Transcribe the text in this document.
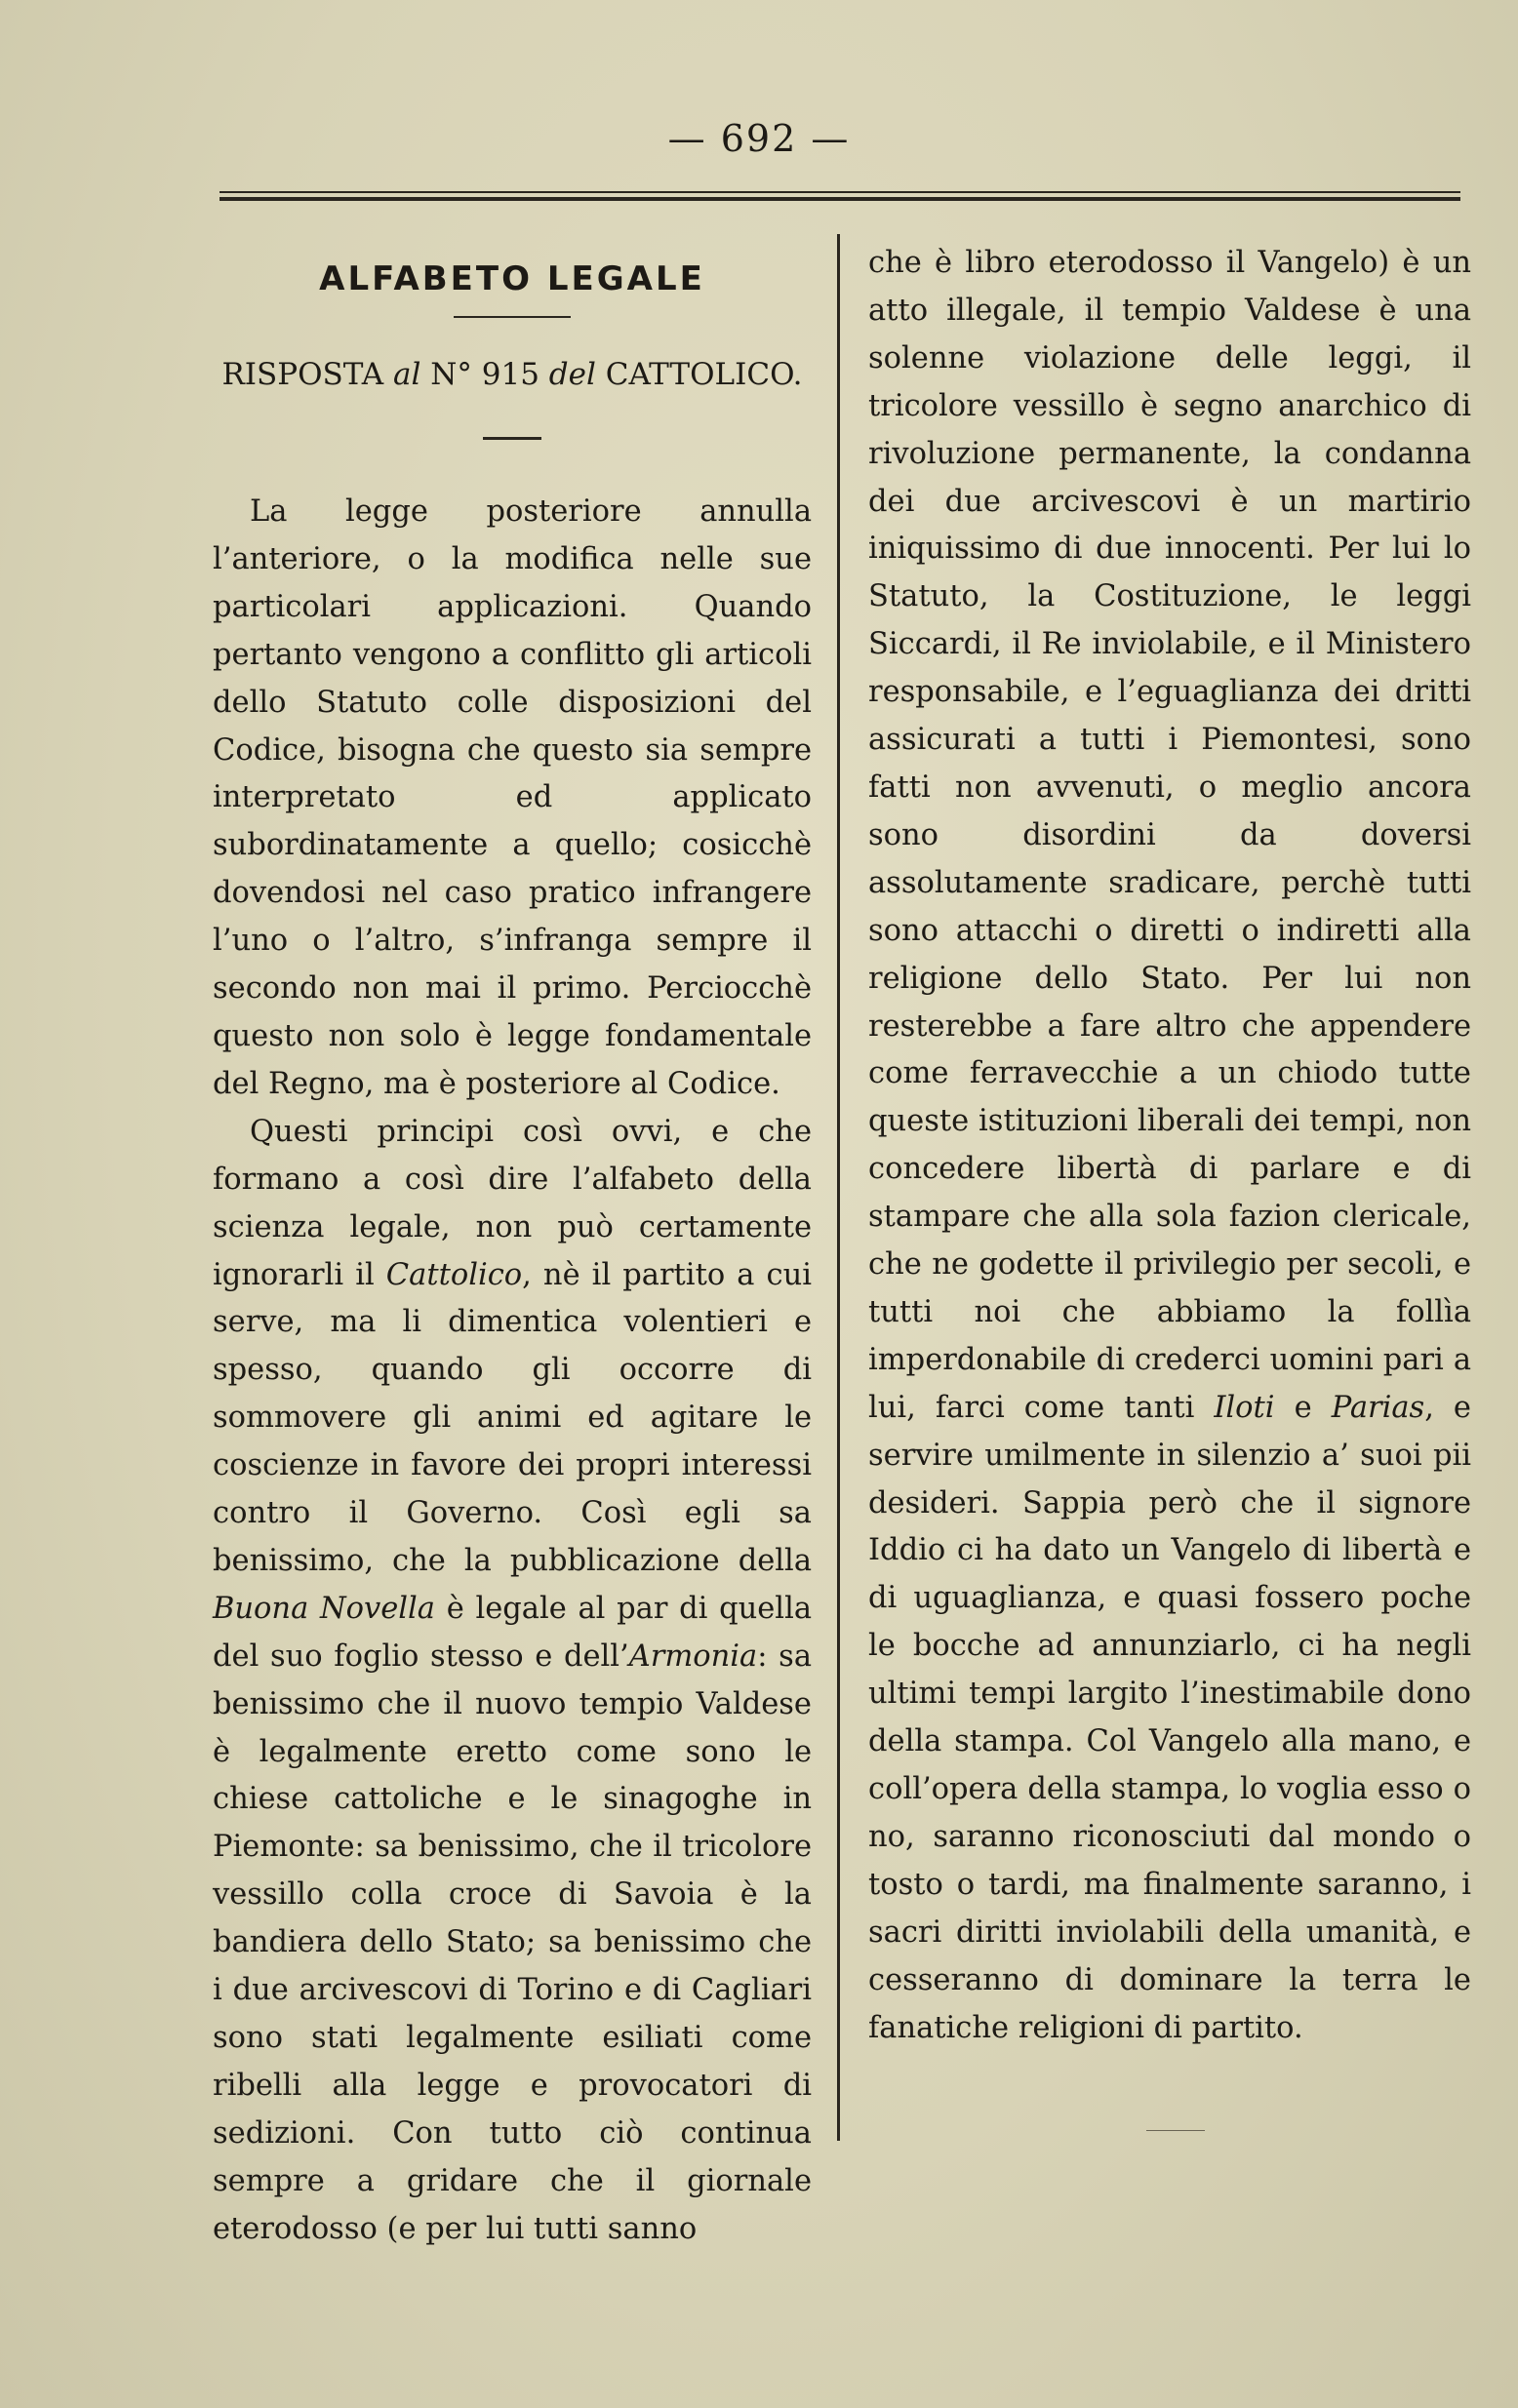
— 692 —
ALFABETO LEGALE
RISPOSTA al N° 915 del CATTOLICO.

La legge posteriore annulla l’anteriore, o la modifica nelle sue particolari applicazioni. Quando pertanto vengono a conflitto gli articoli dello Statuto colle disposizioni del Codice, bisogna che questo sia sempre interpretato ed applicato subordinatamente a quello; cosicchè dovendosi nel caso pratico infrangere l’uno o l’altro, s’infranga sempre il secondo non mai il primo. Perciocchè questo non solo è legge fondamentale del Regno, ma è posteriore al Codice.

Questi principi così ovvi, e che formano a così dire l’alfabeto della scienza legale, non può certamente ignorarli il Cattolico, nè il partito a cui serve, ma li dimentica volentieri e spesso, quando gli occorre di sommovere gli animi ed agitare le coscienze in favore dei propri interessi contro il Governo. Così egli sa benissimo, che la pubblicazione della Buona Novella è legale al par di quella del suo foglio stesso e dell’Armonia: sa benissimo che il nuovo tempio Valdese è legalmente eretto come sono le chiese cattoliche e le sinagoghe in Piemonte: sa benissimo, che il tricolore vessillo colla croce di Savoia è la bandiera dello Stato; sa benissimo che i due arcivescovi di Torino e di Cagliari sono stati legalmente esiliati come ribelli alla legge e provocatori di sedizioni. Con tutto ciò continua sempre a gridare che il giornale eterodosso (e per lui tutti sanno

che è libro eterodosso il Vangelo) è un atto illegale, il tempio Valdese è una solenne violazione delle leggi, il tricolore vessillo è segno anarchico di rivoluzione permanente, la condanna dei due arcivescovi è un martirio iniquissimo di due innocenti. Per lui lo Statuto, la Costituzione, le leggi Siccardi, il Re inviolabile, e il Ministero responsabile, e l’eguaglianza dei dritti assicurati a tutti i Piemontesi, sono fatti non avvenuti, o meglio ancora sono disordini da doversi assolutamente sradicare, perchè tutti sono attacchi o diretti o indiretti alla religione dello Stato. Per lui non resterebbe a fare altro che appendere come ferravecchie a un chiodo tutte queste istituzioni liberali dei tempi, non concedere libertà di parlare e di stampare che alla sola fazion clericale, che ne godette il privilegio per secoli, e tutti noi che abbiamo la follìa imperdonabile di crederci uomini pari a lui, farci come tanti Iloti e Parias, e servire umilmente in silenzio a’ suoi pii desideri. Sappia però che il signore Iddio ci ha dato un Vangelo di libertà e di uguaglianza, e quasi fossero poche le bocche ad annunziarlo, ci ha negli ultimi tempi largito l’inestimabile dono della stampa. Col Vangelo alla mano, e coll’opera della stampa, lo voglia esso o no, saranno riconosciuti dal mondo o tosto o tardi, ma finalmente saranno, i sacri diritti inviolabili della umanità, e cesseranno di dominare la terra le fanatiche religioni di partito.
